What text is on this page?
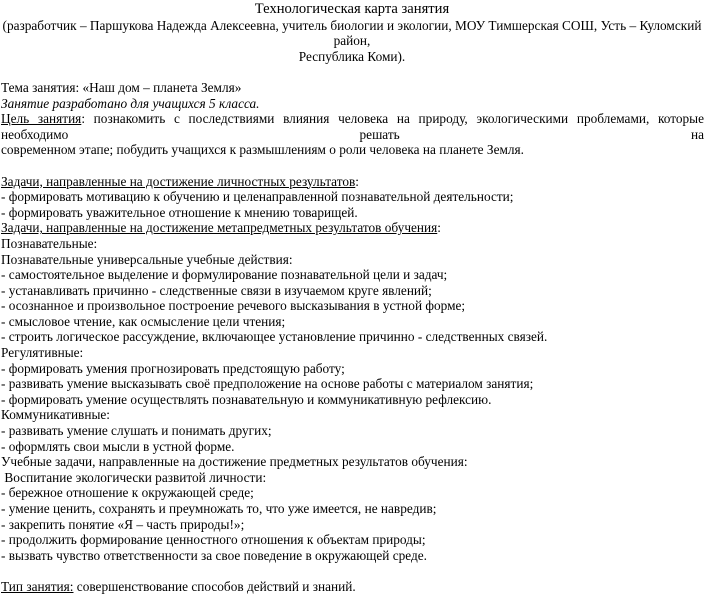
Технологическая карта занятия
(разработчик – Паршукова Надежда Алексеевна, учитель биологии и экологии, МОУ Тимшерская СОШ, Усть – Куломский район,
Республика Коми).
Тема занятия: «Наш дом – планета Земля»
Занятие разработано для учащихся 5 класса.
Цель занятия: познакомить с последствиями влияния человека на природу, экологическими проблемами, которые необходимо решать на
современном этапе; побудить учащихся к размышлениям о роли человека на планете Земля.
Задачи, направленные на достижение личностных результатов:
- формировать мотивацию к обучению и целенаправленной познавательной деятельности;
- формировать уважительное отношение к мнению товарищей.
Задачи, направленные на достижение метапредметных результатов обучения:
Познавательные:
Познавательные универсальные учебные действия:
- самостоятельное выделение и формулирование познавательной цели и задач;
- устанавливать причинно - следственные связи в изучаемом круге явлений;
- осознанное и произвольное построение речевого высказывания в устной форме;
- смысловое чтение, как осмысление цели чтения;
- строить логическое рассуждение, включающее установление причинно - следственных связей.
Регулятивные:
- формировать умения прогнозировать предстоящую работу;
- развивать умение высказывать своё предположение на основе работы с материалом занятия;
- формировать умение осуществлять познавательную и коммуникативную рефлексию.
Коммуникативные:
- развивать умение слушать и понимать других;
- оформлять свои мысли в устной форме.
Учебные задачи, направленные на достижение предметных результатов обучения:
Воспитание экологически развитой личности:
- бережное отношение к окружающей среде;
- умение ценить, сохранять и преумножать то, что уже имеется, не навредив;
- закрепить понятие «Я – часть природы!»;
- продолжить формирование ценностного отношения к объектам природы;
- вызвать чувство ответственности за свое поведение в окружающей среде.
Тип занятия: совершенствование способов действий и знаний.
